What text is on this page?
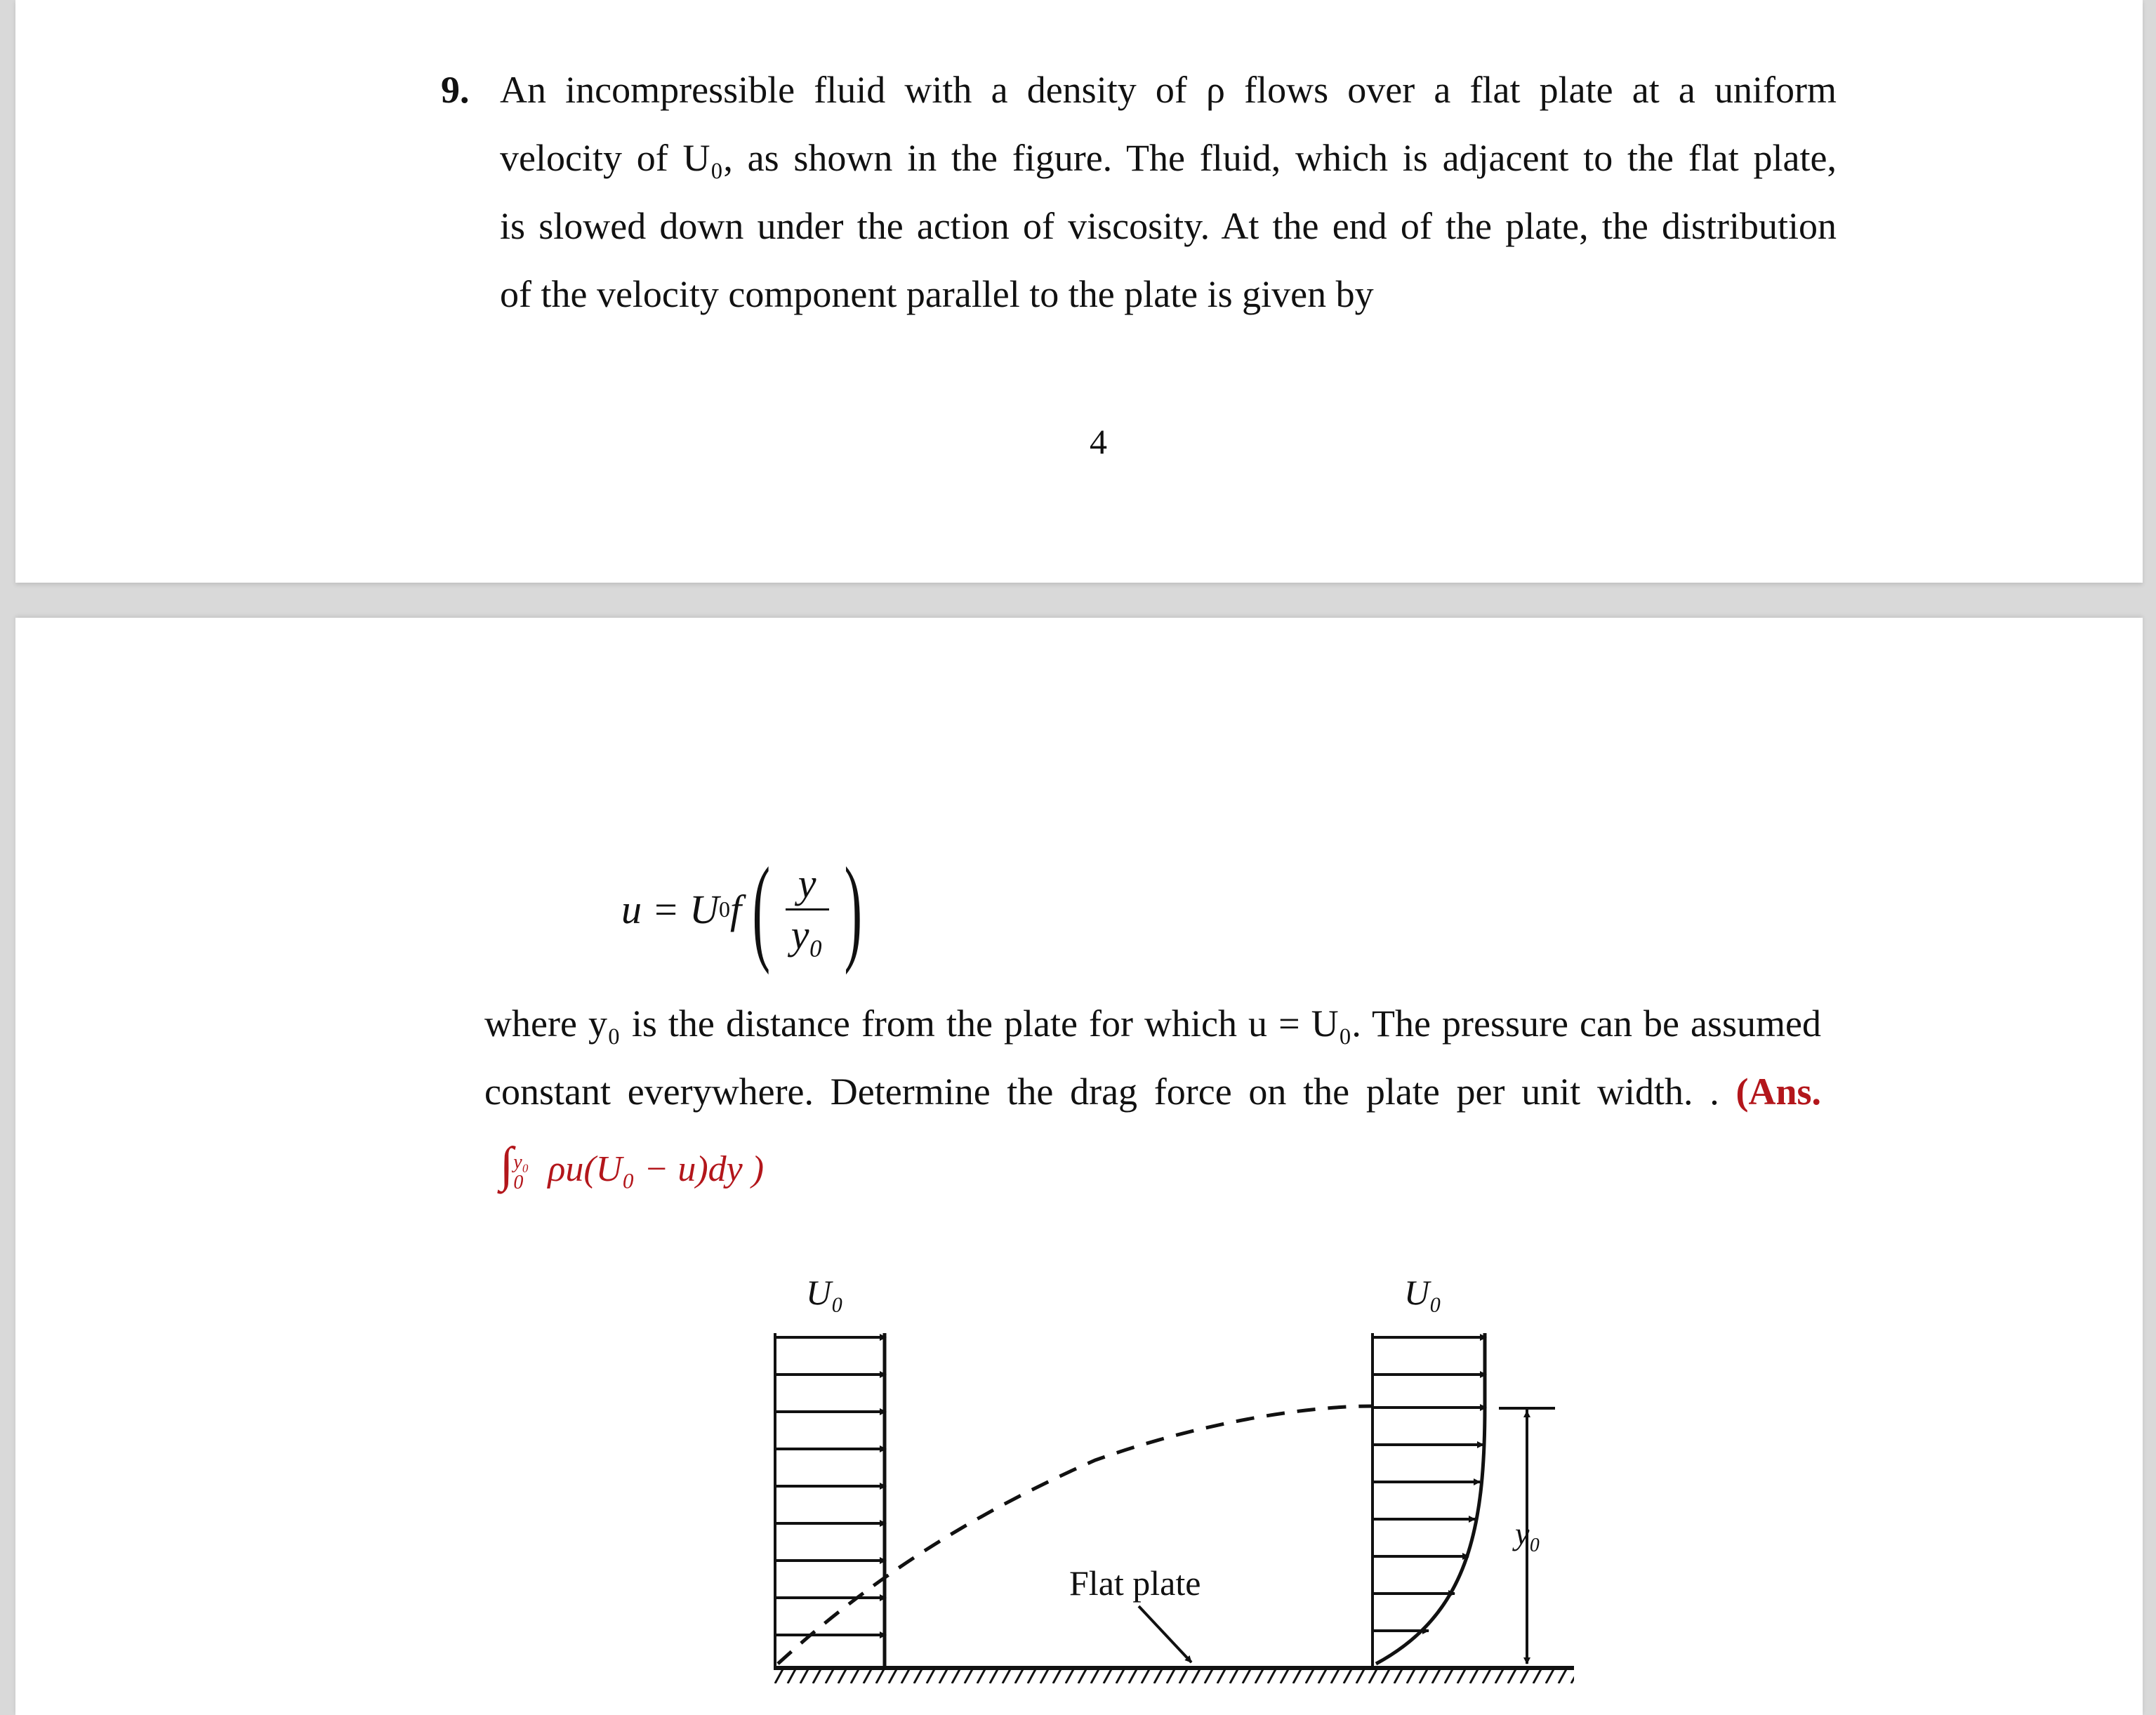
9. An incompressible fluid with a density of ρ flows over a flat plate at a uniform
velocity of U₀, as shown in the figure. The fluid, which is adjacent to the flat plate,
is slowed down under the action of viscosity. At the end of the plate, the distribution
of the velocity component parallel to the plate is given by
4
u = U 0 f ( $\frac{y}{\text{y₀}}$ )
where y₀ is the distance from the plate for which u = U₀. The pressure can be assumed
constant everywhere. Determine the drag force on the plate per unit width. . (Ans.
∫$^{y_0}_0$ ρu(U₀ − u)dy )
U₀	U₀
y₀
Flat plate
